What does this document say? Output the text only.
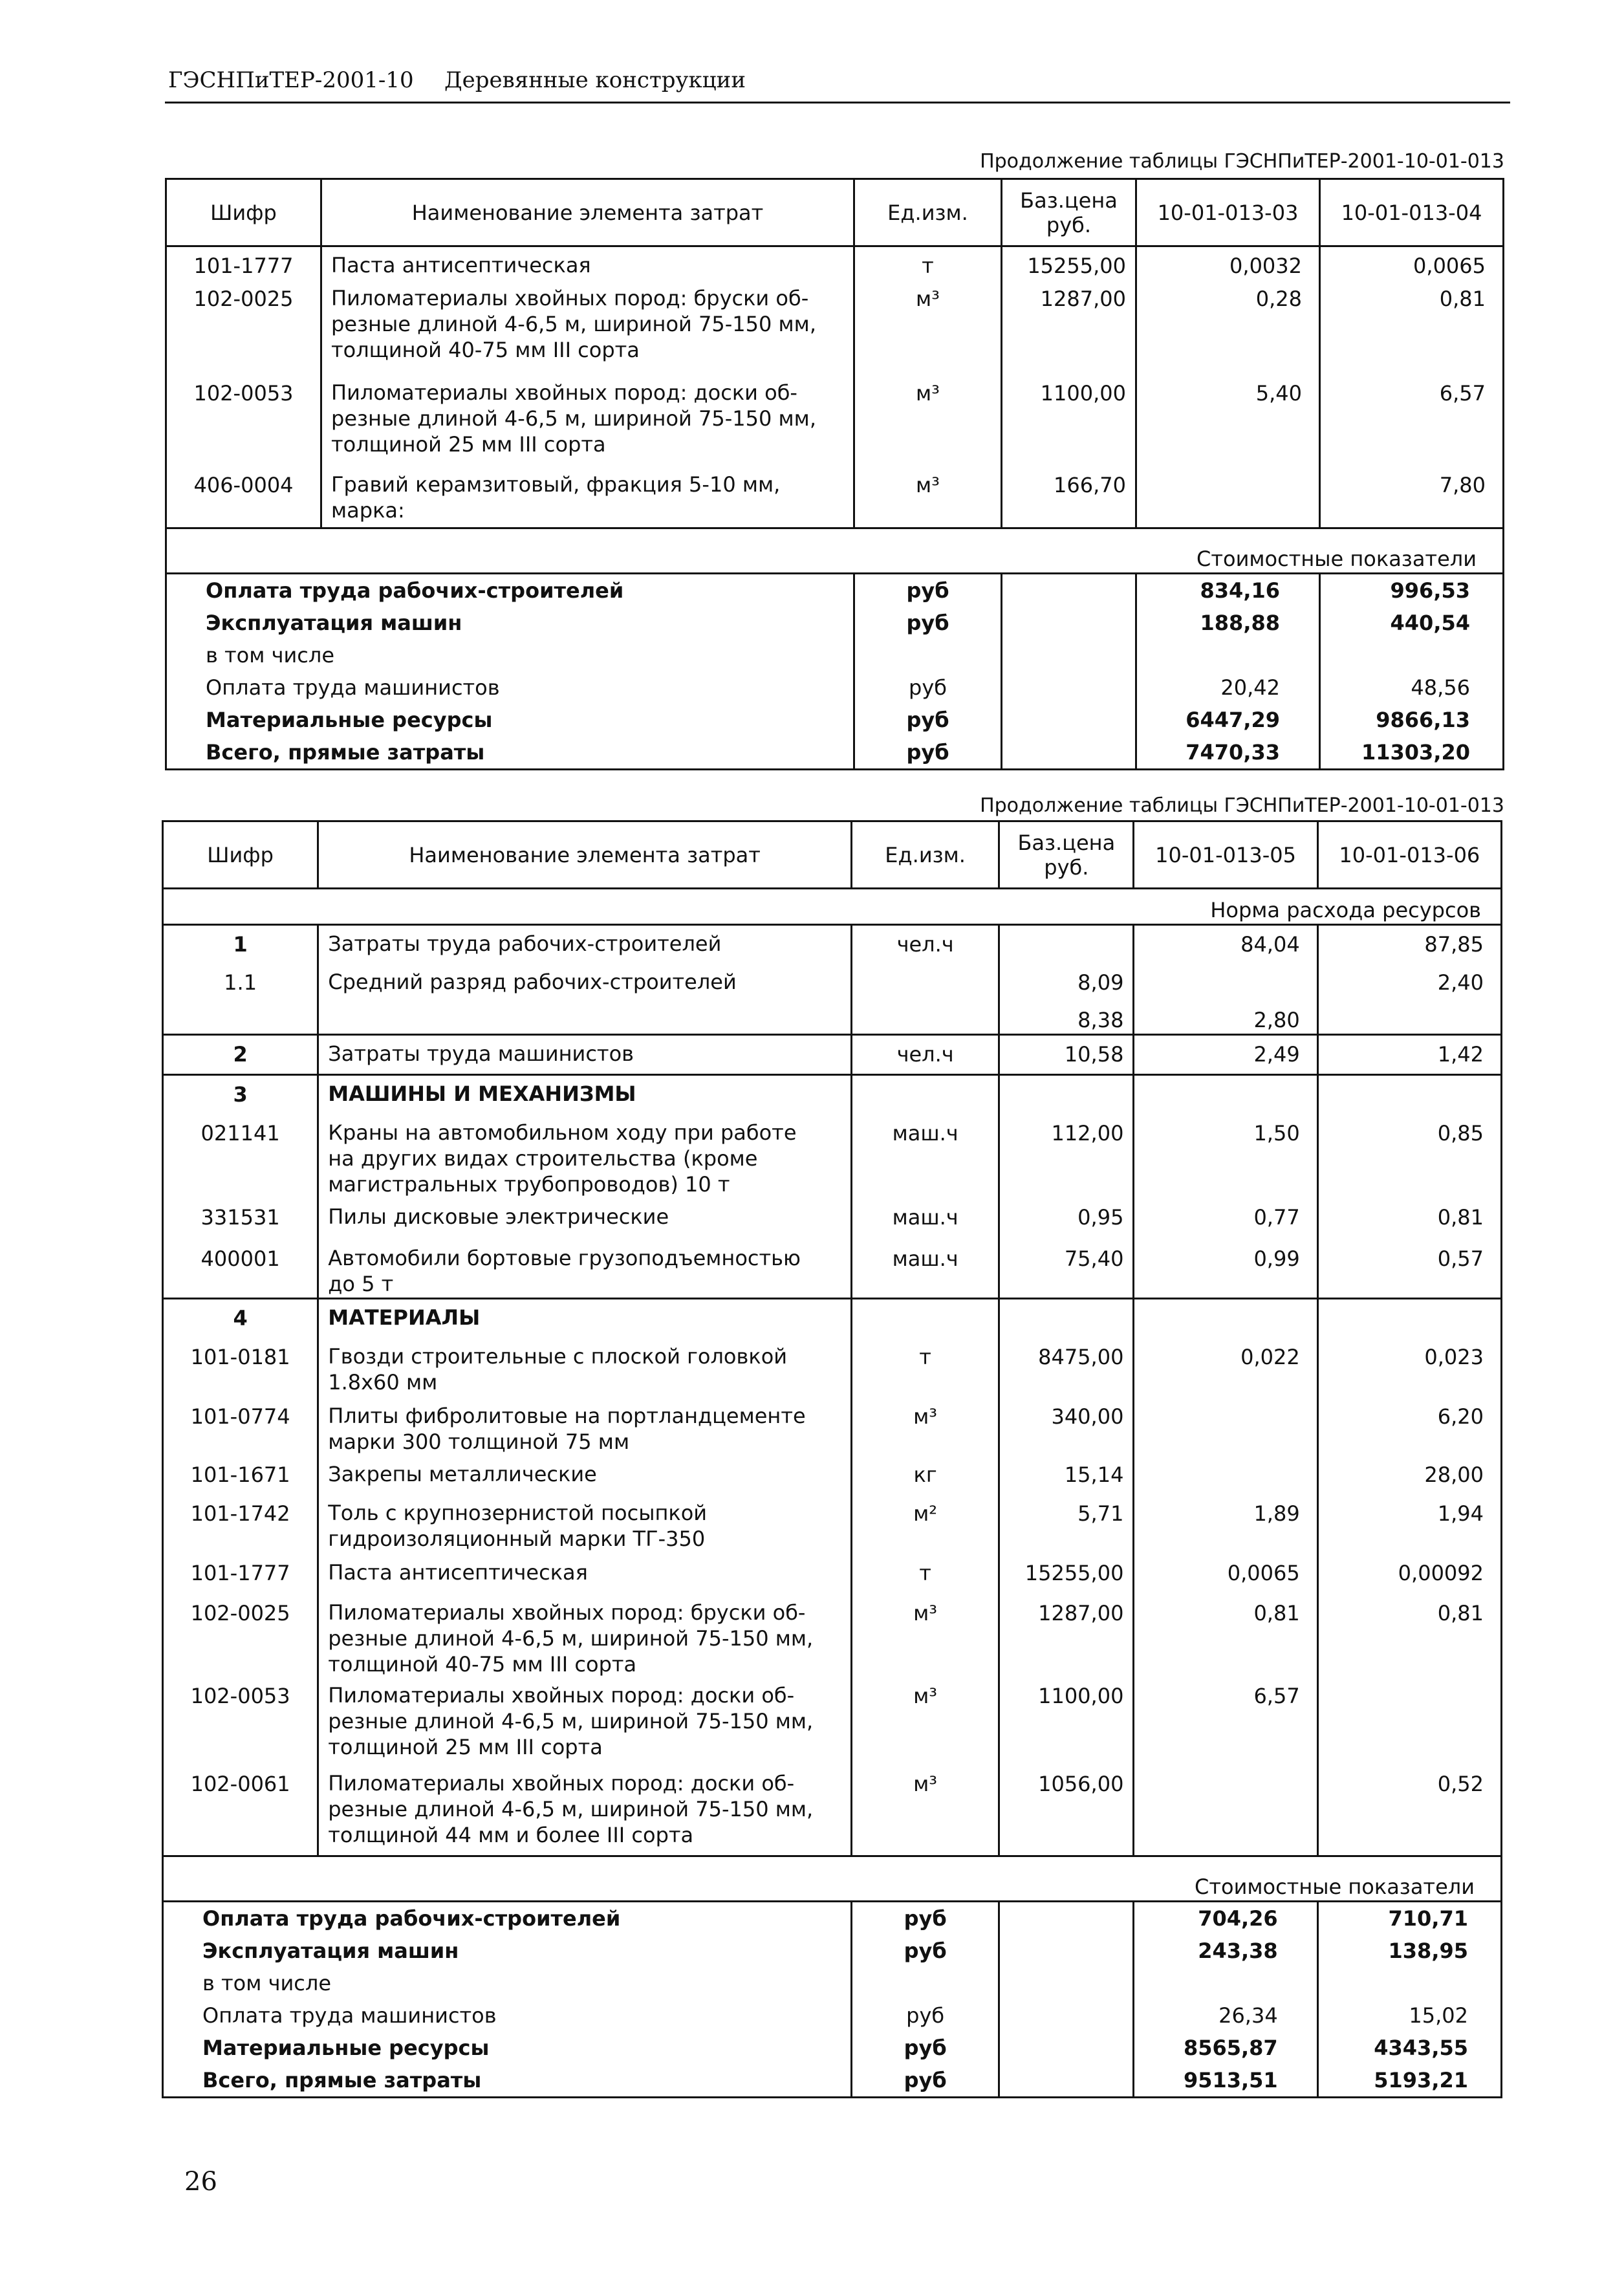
ГЭСНПиТЕР-2001-10 Деревянные конструкции
Продолжение таблицы ГЭСНПиТЕР-2001-10-01-013
Шифр	Наименование элемента затрат	Ед.изм.	Баз.цена руб.	10-01-013-03	10-01-013-04
101-1777	Паста антисептическая	т	15255,00	0,0032	0,0065
102-0025	Пиломатериалы хвойных пород: бруски об-
резные длиной 4-6,5 м, шириной 75-150 мм,
толщиной 40-75 мм III сорта	м³	1287,00	0,28	0,81
102-0053	Пиломатериалы хвойных пород: доски об-
резные длиной 4-6,5 м, шириной 75-150 мм,
толщиной 25 мм III сорта	м³	1100,00	5,40	6,57
406-0004	Гравий керамзитовый, фракция 5-10 мм,
марка:	м³	166,70		7,80
Стоимостные показатели					
Оплата труда рабочих-строителей		руб		834,16	996,53
Эксплуатация машин		руб		188,88	440,54
в том числе					
Оплата труда машинистов		руб		20,42	48,56
Материальные ресурсы		руб		6447,29	9866,13
Всего, прямые затраты		руб		7470,33	11303,20
Продолжение таблицы ГЭСНПиТЕР-2001-10-01-013
Шифр	Наименование элемента затрат	Ед.изм.	Баз.цена руб.	10-01-013-05	10-01-013-06
Норма расхода ресурсов					
1	Затраты труда рабочих-строителей	чел.ч		84,04	87,85
1.1	Средний разряд рабочих-строителей		8,09		2,40
			8,38	2,80	
2	Затраты труда машинистов	чел.ч	10,58	2,49	1,42
3	МАШИНЫ И МЕХАНИЗМЫ				
021141	Краны на автомобильном ходу при работе
на других видах строительства (кроме
магистральных трубопроводов) 10 т	маш.ч	112,00	1,50	0,85
331531	Пилы дисковые электрические	маш.ч	0,95	0,77	0,81
400001	Автомобили бортовые грузоподъемностью
до 5 т	маш.ч	75,40	0,99	0,57
4	МАТЕРИАЛЫ				
101-0181	Гвозди строительные с плоской головкой
1.8x60 мм	т	8475,00	0,022	0,023
101-0774	Плиты фибролитовые на портландцементе
марки 300 толщиной 75 мм	м³	340,00		6,20
101-1671	Закрепы металлические	кг	15,14		28,00
101-1742	Толь с крупнозернистой посыпкой
гидроизоляционный марки ТГ-350	м²	5,71	1,89	1,94
101-1777	Паста антисептическая	т	15255,00	0,0065	0,00092
102-0025	Пиломатериалы хвойных пород: бруски об-
резные длиной 4-6,5 м, шириной 75-150 мм,
толщиной 40-75 мм III сорта	м³	1287,00	0,81	0,81
102-0053	Пиломатериалы хвойных пород: доски об-
резные длиной 4-6,5 м, шириной 75-150 мм,
толщиной 25 мм III сорта	м³	1100,00	6,57	
102-0061	Пиломатериалы хвойных пород: доски об-
резные длиной 4-6,5 м, шириной 75-150 мм,
толщиной 44 мм и более III сорта	м³	1056,00		0,52
Стоимостные показатели					
Оплата труда рабочих-строителей		руб		704,26	710,71
Эксплуатация машин		руб		243,38	138,95
в том числе					
Оплата труда машинистов		руб		26,34	15,02
Материальные ресурсы		руб		8565,87	4343,55
Всего, прямые затраты		руб		9513,51	5193,21
26
